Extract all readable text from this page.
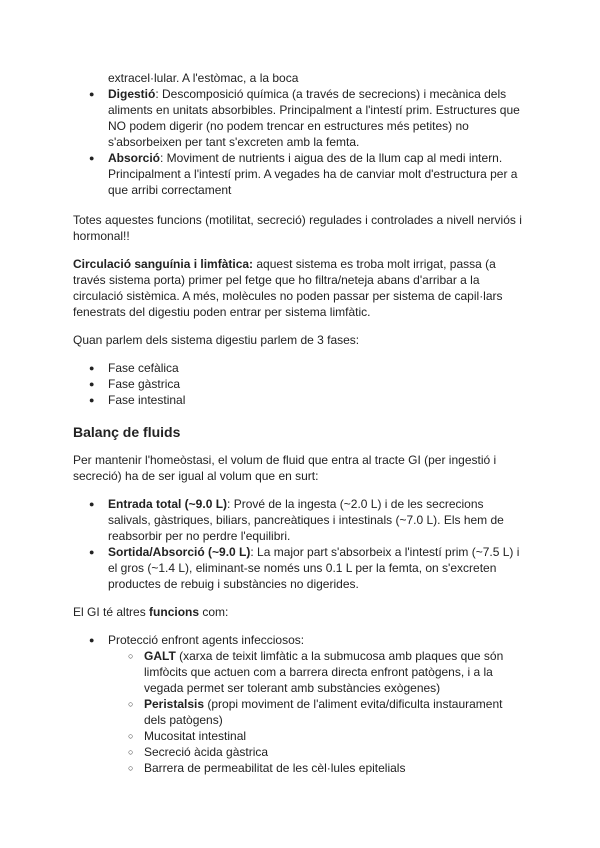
extracel·lular. A l'estòmac, a la boca
● Digestió: Descomposició química (a través de secrecions) i mecànica dels
aliments en unitats absorbibles. Principalment a l'intestí prim. Estructures que
NO podem digerir (no podem trencar en estructures més petites) no
s'absorbeixen per tant s'excreten amb la femta.
● Absorció: Moviment de nutrients i aigua des de la llum cap al medi intern.
Principalment a l'intestí prim. A vegades ha de canviar molt d'estructura per a
que arribi correctament
Totes aquestes funcions (motilitat, secreció) regulades i controlades a nivell nerviós i
hormonal!!
Circulació sanguínia i limfàtica: aquest sistema es troba molt irrigat, passa (a
través sistema porta) primer pel fetge que ho filtra/neteja abans d'arribar a la
circulació sistèmica. A més, molècules no poden passar per sistema de capil·lars
fenestrats del digestiu poden entrar per sistema limfàtic.
Quan parlem dels sistema digestiu parlem de 3 fases:
● Fase cefàlica
● Fase gàstrica
● Fase intestinal
Balanç de fluids
Per mantenir l'homeòstasi, el volum de fluid que entra al tracte GI (per ingestió i
secreció) ha de ser igual al volum que en surt:
● Entrada total (~9.0 L): Prové de la ingesta (~2.0 L) i de les secrecions
salivals, gàstriques, biliars, pancreàtiques i intestinals (~7.0 L). Els hem de
reabsorbir per no perdre l'equilibri.
● Sortida/Absorció (~9.0 L): La major part s'absorbeix a l'intestí prim (~7.5 L) i
el gros (~1.4 L), eliminant-se només uns 0.1 L per la femta, on s'excreten
productes de rebuig i substàncies no digerides.
El GI té altres funcions com:
● Protecció enfront agents infecciosos:
○ GALT (xarxa de teixit limfàtic a la submucosa amb plaques que són
limfòcits que actuen com a barrera directa enfront patògens, i a la
vegada permet ser tolerant amb substàncies exògenes)
○ Peristalsis (propi moviment de l'aliment evita/dificulta instaurament
dels patògens)
○ Mucositat intestinal
○ Secreció àcida gàstrica
○ Barrera de permeabilitat de les cèl·lules epitelials
